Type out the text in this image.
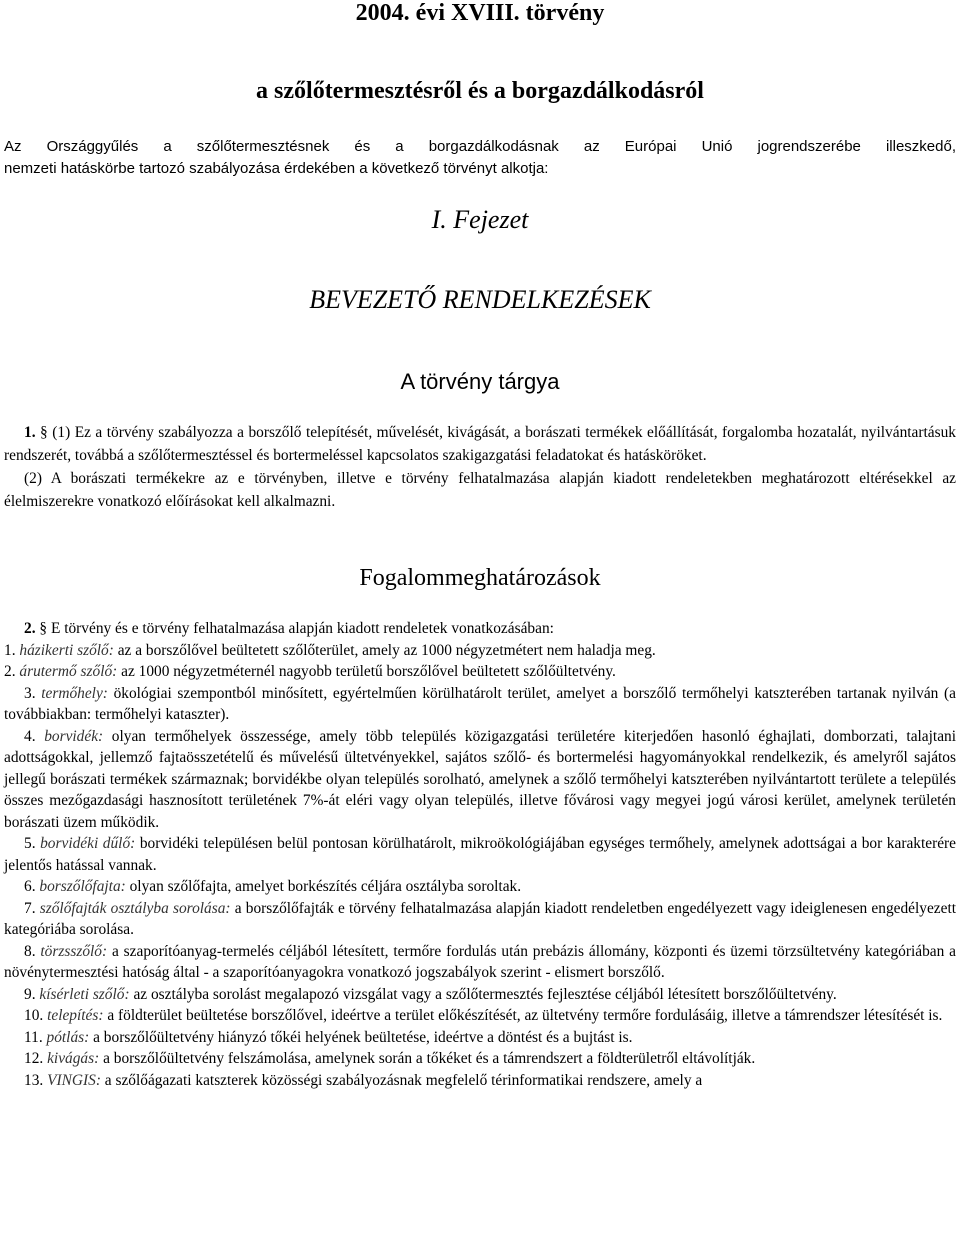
2004. évi XVIII. törvény
a szőlőtermesztésről és a borgazdálkodásról
Az Országgyűlés a szőlőtermesztésnek és a borgazdálkodásnak az Európai Unió jogrendszerébe illeszkedő,
nemzeti hatáskörbe tartozó szabályozása érdekében a következő törvényt alkotja:
I. Fejezet
BEVEZETŐ RENDELKEZÉSEK
A törvény tárgya

1. § (1) Ez a törvény szabályozza a borszőlő telepítését, művelését, kivágását, a borászati termékek előállítását, forgalomba hozatalát, nyilvántartásuk rendszerét, továbbá a szőlőtermesztéssel és bortermeléssel kapcsolatos szakigazgatási feladatokat és hatásköröket.

(2) A borászati termékekre az e törvényben, illetve e törvény felhatalmazása alapján kiadott rendeletekben meghatározott eltérésekkel az élelmiszerekre vonatkozó előírásokat kell alkalmazni.

Fogalommeghatározások

2. § E törvény és e törvény felhatalmazása alapján kiadott rendeletek vonatkozásában:

1. házikerti szőlő: az a borszőlővel beültetett szőlőterület, amely az 1000 négyzetmétert nem haladja meg.

2. árutermő szőlő: az 1000 négyzetméternél nagyobb területű borszőlővel beültetett szőlőültetvény.

3. termőhely: ökológiai szempontból minősített, egyértelműen körülhatárolt terület, amelyet a borszőlő termőhelyi katszterében tartanak nyilván (a továbbiakban: termőhelyi kataszter).

4. borvidék: olyan termőhelyek összessége, amely több település közigazgatási területére kiterjedően hasonló éghajlati, domborzati, talajtani adottságokkal, jellemző fajtaösszetételű és művelésű ültetvényekkel, sajátos szőlő- és bortermelési hagyományokkal rendelkezik, és amelyről sajátos jellegű borászati termékek származnak; borvidékbe olyan település sorolható, amelynek a szőlő termőhelyi katszterében nyilvántartott területe a település összes mezőgazdasági hasznosított területének 7%-át eléri vagy olyan település, illetve fővárosi vagy megyei jogú városi kerület, amelynek területén borászati üzem működik.

5. borvidéki dűlő: borvidéki településen belül pontosan körülhatárolt, mikroökológiájában egységes termőhely, amelynek adottságai a bor karakterére jelentős hatással vannak.

6. borszőlőfajta: olyan szőlőfajta, amelyet borkészítés céljára osztályba soroltak.

7. szőlőfajták osztályba sorolása: a borszőlőfajták e törvény felhatalmazása alapján kiadott rendeletben engedélyezett vagy ideiglenesen engedélyezett kategóriába sorolása.

8. törzsszőlő: a szaporítóanyag-termelés céljából létesített, termőre fordulás után prebázis állomány, központi és üzemi törzsültetvény kategóriában a növénytermesztési hatóság által - a szaporítóanyagokra vonatkozó jogszabályok szerint - elismert borszőlő.

9. kísérleti szőlő: az osztályba sorolást megalapozó vizsgálat vagy a szőlőtermesztés fejlesztése céljából létesített borszőlőültetvény.

10. telepítés: a földterület beültetése borszőlővel, ideértve a terület előkészítését, az ültetvény termőre fordulásáig, illetve a támrendszer létesítését is.

11. pótlás: a borszőlőültetvény hiányzó tőkéi helyének beültetése, ideértve a döntést és a bujtást is.

12. kivágás: a borszőlőültetvény felszámolása, amelynek során a tőkéket és a támrendszert a földterületről eltávolítják.

13. VINGIS: a szőlőágazati katszterek közösségi szabályozásnak megfelelő térinformatikai rendszere, amely a
